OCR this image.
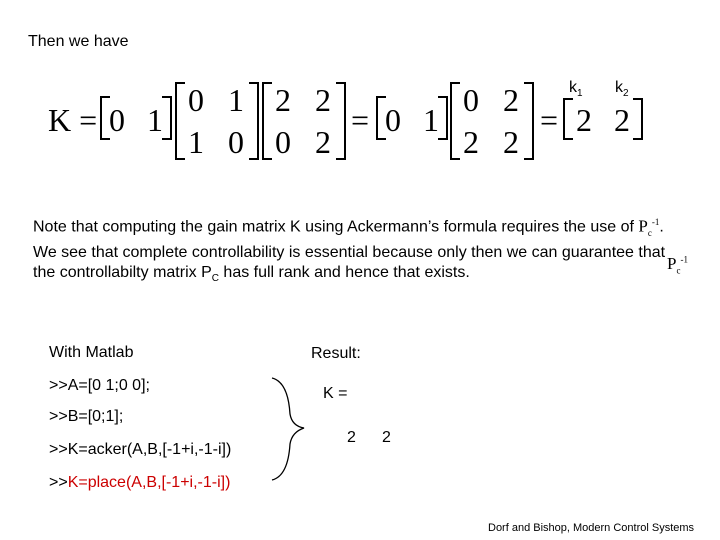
Then we have
$k_1$ $k_2$
K = 0 1
0 1
1 0
2 2
0 2
= 0 1
0 2
2 2
= 2 2
Note that computing the gain matrix K using Ackermann’s formula requires the use of $P_c^{-1}$. We see that complete controllability is essential because only then we can guarantee that the controllabilty matrix $P_C$ has full rank and hence that exists.	$P_c^{-1}$
With Matlab
>>A=[0 1;0 0];
>>B=[0;1];
>>K=acker(A,B,[-1+i,-1-i])
>>K=place(A,B,[-1+i,-1-i])
Result:
K =
2 2
Dorf and Bishop, Modern Control Systems
